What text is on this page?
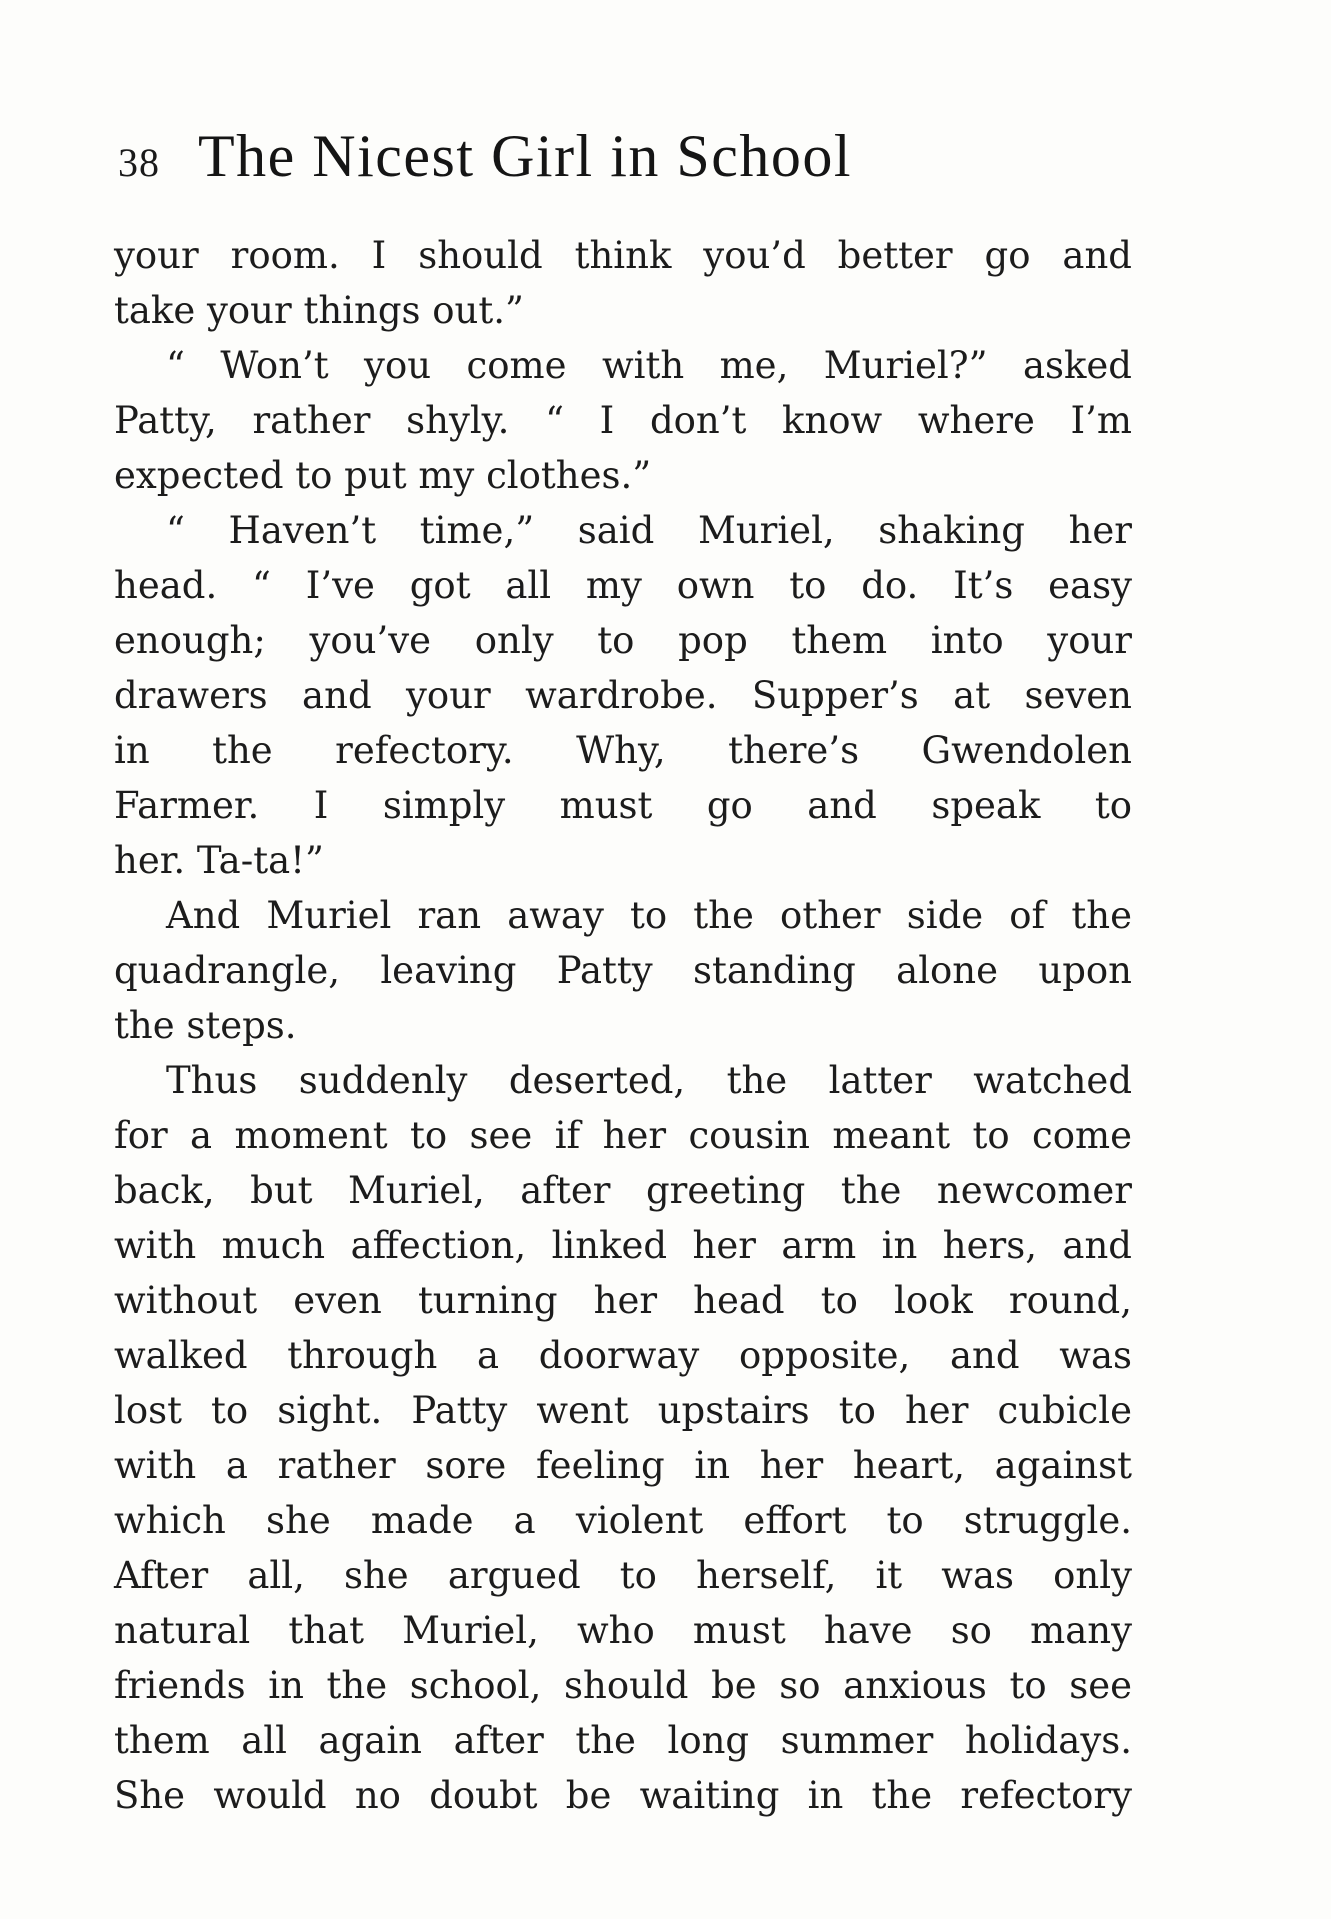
38 The Nicest Girl in School
your room. I should think you’d better go and
take your things out.”
“ Won’t you come with me, Muriel?” asked
Patty, rather shyly. “ I don’t know where I’m
expected to put my clothes.”
“ Haven’t time,” said Muriel, shaking her
head. “ I’ve got all my own to do. It’s easy
enough; you’ve only to pop them into your
drawers and your wardrobe. Supper’s at seven
in the refectory. Why, there’s Gwendolen
Farmer. I simply must go and speak to
her. Ta-ta!”
And Muriel ran away to the other side of the
quadrangle, leaving Patty standing alone upon
the steps.
Thus suddenly deserted, the latter watched
for a moment to see if her cousin meant to come
back, but Muriel, after greeting the newcomer
with much affection, linked her arm in hers, and
without even turning her head to look round,
walked through a doorway opposite, and was
lost to sight. Patty went upstairs to her cubicle
with a rather sore feeling in her heart, against
which she made a violent effort to struggle.
After all, she argued to herself, it was only
natural that Muriel, who must have so many
friends in the school, should be so anxious to see
them all again after the long summer holidays.
She would no doubt be waiting in the refectory
